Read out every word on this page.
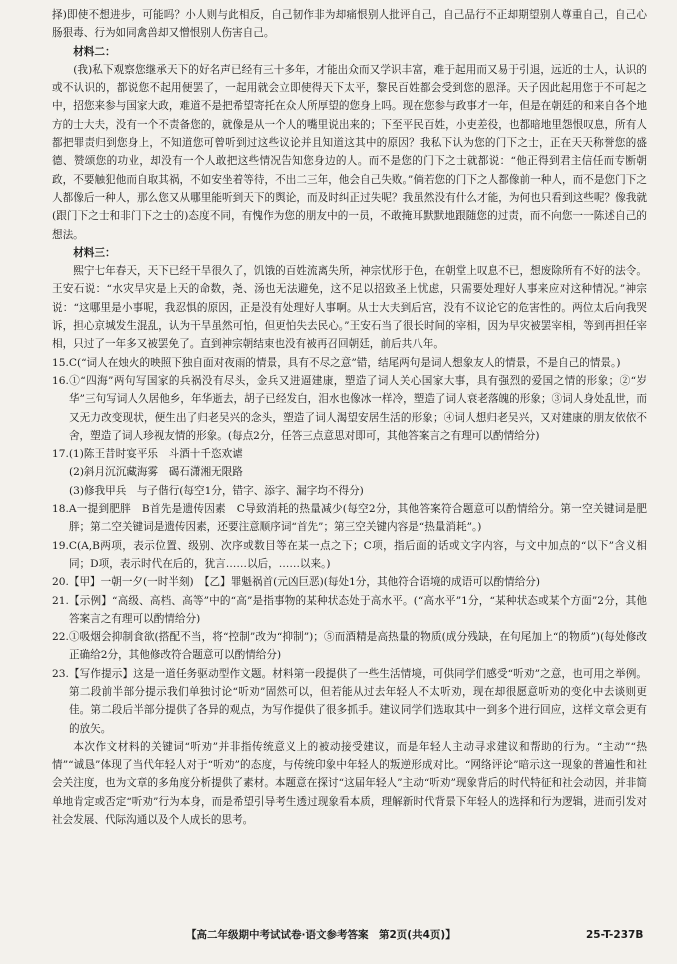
择)即使不想进步，可能吗？小人则与此相反，自己韧作非为却痛恨别人批评自己，自己品行不正却期望别人尊重自己，自己心肠狠毒、行为如同禽兽却又憎恨别人伤害自己。

材料二：

(我)私下观察您继承天下的好名声已经有三十多年，才能出众而又学识丰富，难于起用而又易于引退，远近的士人，认识的或不认识的，都说您不起用便罢了，一起用就会立即使得天下太平，黎民百姓都会受到您的恩泽。天子因此起用您于不可起之中，招您来参与国家大政，难道不是把希望寄托在众人所厚望的您身上吗。现在您参与政事才一年，但是在朝廷的和来自各个地方的士大夫，没有一个不责备您的，就像是从一个人的嘴里说出来的；下至平民百姓，小吏差役，也都暗地里怨恨叹息，所有人都把罪责归到您身上，不知道您可曾听到过这些议论并且知道这其中的原因？我私下认为您的门下之士，正在天天称誉您的盛德、赞颂您的功业，却没有一个人敢把这些情况告知您身边的人。而不是您的门下之士就都说：“他正得到君主信任而专断朝政，不要触犯他而自取其祸，不如安坐着等待，不出二三年，他会自己失败。”倘若您的门下之人都像前一种人，而不是您门下之人都像后一种人，那么您又从哪里能听到天下的舆论，而及时纠正过失呢？我虽然没有什么才能，为何也只看到这些呢？像我就(跟门下之士和非门下之士的)态度不同，有愧作为您的朋友中的一员，不敢掩耳默默地跟随您的过责，而不向您一一陈述自己的想法。

材料三：

熙宁七年春天，天下已经干旱很久了，饥饿的百姓流离失所，神宗忧形于色，在朝堂上叹息不已，想废除所有不好的法令。王安石说：“水灾旱灾是上天的命数，尧、汤也无法避免，这不足以招致圣上忧虑，只需要处理好人事来应对这种情况。”神宗说：“这哪里是小事呢，我忍惧的原因，正是没有处理好人事啊。从士大夫到后宫，没有不议论它的危害性的。两位太后向我哭诉，担心京城发生混乱，认为干旱虽然可怕，但更怕失去民心。”王安石当了很长时间的宰相，因为早灾被罢宰相，等到再担任宰相，只过了一年多又被罢免了。直到神宗朝结束也没有被再召回朝廷，前后共八年。

15.C(“词人在烛火的映照下独自面对夜雨的情景，具有不尽之意”错，结尾两句是词人想象友人的情景，不是自己的情景。)

16.①“四海”两句写国家的兵祸没有尽头，金兵又进逼建康，塑造了词人关心国家大事，具有强烈的爱国之情的形象；②“岁华”三句写词人久居他乡，年华逝去，胡子已经发白，泪水也像冰一样冷，塑造了词人衰老落魄的形象；③词人身处乱世，而又无力改变现状，便生出了归老吴兴的念头，塑造了词人渴望安居生活的形象；④词人想归老吴兴，又对建康的朋友依依不舍，塑造了词人珍视友情的形象。(每点2分，任答三点意思对即可，其他答案言之有理可以酌情给分)

17.(1)陈王昔时宴平乐　斗酒十千恣欢谑

(2)斜月沉沉藏海雾　碣石潇湘无限路

(3)修我甲兵　与子偕行(每空1分，错字、添字、漏字均不得分)

18.A一提到肥胖　B首先是遗传因素　C导致消耗的热量减少(每空2分，其他答案符合题意可以酌情给分。第一空关键词是肥胖；第二空关键词是遗传因素，还要注意顺序词“首先”；第三空关键内容是“热量消耗”。)

19.C(A,B两项，表示位置、级别、次序或数目等在某一点之下；C项，指后面的话或文字内容，与文中加点的“以下”含义相同；D项，表示时代在后的，犹言……以后，……以来。)

20.【甲】一朝一夕(一时半刻)　【乙】罪魁祸首(元凶巨恶)(每处1分，其他符合语境的成语可以酌情给分)

21.【示例】“高级、高档、高等”中的“高”是指事物的某种状态处于高水平。(“高水平”1分，“某种状态或某个方面”2分，其他答案言之有理可以酌情给分)

22.①吸烟会抑制食欲(搭配不当，将“控制”改为“抑制”)；⑤而酒精是高热量的物质(成分残缺，在句尾加上“的物质”)(每处修改正确给2分，其他修改符合题意可以酌情给分)

23.【写作提示】这是一道任务驱动型作文题。材料第一段提供了一些生活情境，可供同学们感受“听劝”之意，也可用之举例。第二段前半部分提示我们单独讨论“听劝”固然可以，但若能从过去年轻人不太听劝，现在却很愿意听劝的变化中去谈则更佳。第二段后半部分提供了各异的观点，为写作提供了很多抓手。建议同学们选取其中一到多个进行回应，这样文章会更有的放矢。

本次作文材料的关键词“听劝”并非指传统意义上的被动接受建议，而是年轻人主动寻求建议和帮助的行为。“主动”“热情”“诚恳”体现了当代年轻人对于“听劝”的态度，与传统印象中年轻人的叛逆形成对比。“网络评论”暗示这一现象的普遍性和社会关注度，也为文章的多角度分析提供了素材。本题意在探讨“这届年轻人”主动“听劝”现象背后的时代特征和社会动因，并非简单地肯定或否定“听劝”行为本身，而是希望引导考生透过现象看本质，理解新时代背景下年轻人的选择和行为逻辑，进而引发对社会发展、代际沟通以及个人成长的思考。

【高二年级期中考试试卷·语文参考答案　第2页(共4页)】	25-T-237B
